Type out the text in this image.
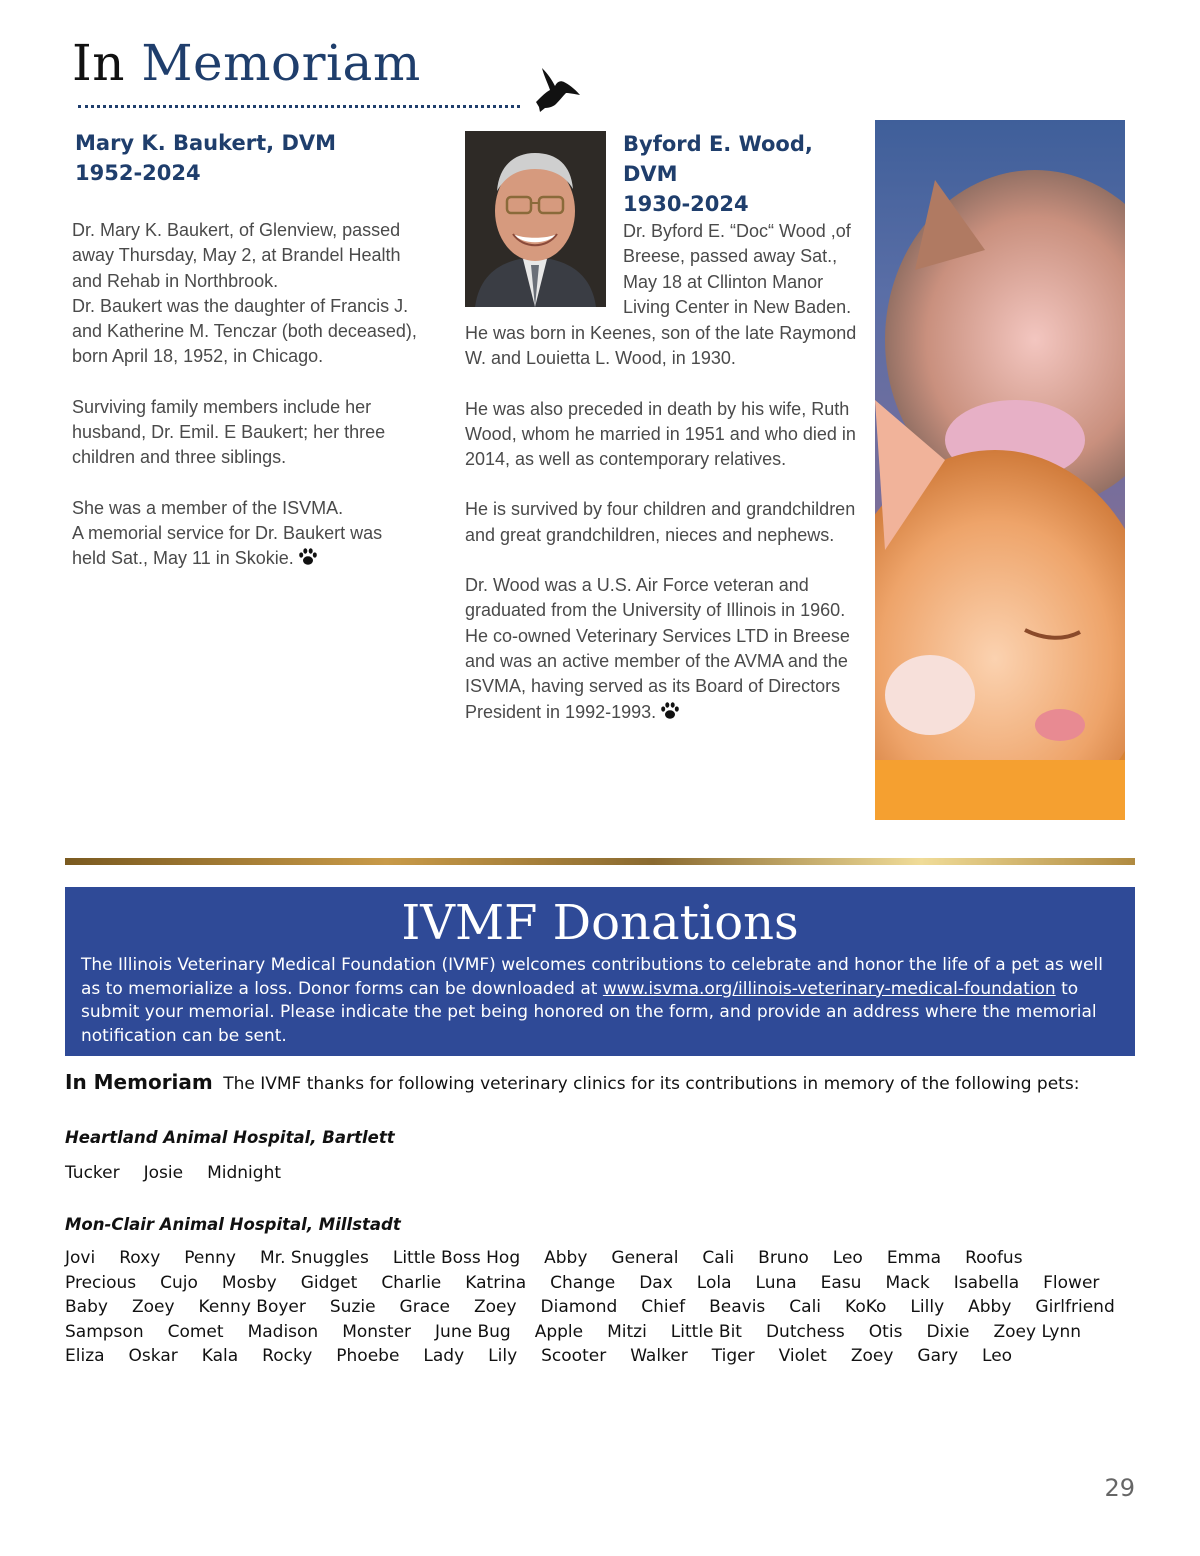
In Memoriam

Mary K. Baukert, DVM

1952-2024

Dr. Mary K. Baukert, of Glenview, passed away Thursday, May 2, at Brandel Health and Rehab in Northbrook.

Dr. Baukert was the daughter of Francis J. and Katherine M. Tenczar (both deceased), born April 18, 1952, in Chicago.

Surviving family members include her husband, Dr. Emil. E Baukert; her three children and three siblings.

She was a member of the ISVMA.

A memorial service for Dr. Baukert was held Sat., May 11 in Skokie.

Byford E. Wood, DVM

1930-2024

Dr. Byford E. “Doc“ Wood ,of Breese, passed away Sat., May 18 at Cllinton Manor Living Center in New Baden.

He was born in Keenes, son of the late Raymond W. and Louietta L. Wood, in 1930.

He was also preceded in death by his wife, Ruth Wood, whom he married in 1951 and who died in 2014, as well as contemporary relatives.

He is survived by four children and grandchildren and great grandchildren, nieces and nephews.

Dr. Wood was a U.S. Air Force veteran and graduated from the University of Illinois in 1960. He co-owned Veterinary Services LTD in Breese and was an active member of the AVMA and the ISVMA, having served as its Board of Directors President in 1992-1993.

IVMF Donations
The Illinois Veterinary Medical Foundation (IVMF) welcomes contributions to celebrate and honor the life of a pet as well as to memorialize a loss. Donor forms can be downloaded at www.isvma.org/illinois-veterinary-medical-foundation to submit your memorial. Please indicate the pet being honored on the form, and provide an address where the memorial notification can be sent.
In Memoriam The IVMF thanks for following veterinary clinics for its contributions in memory of the following pets:

Heartland Animal Hospital, Bartlett

Tucker Josie Midnight

Mon-Clair Animal Hospital, Millstadt

Jovi Roxy Penny Mr. Snuggles Little Boss Hog Abby General Cali Bruno Leo Emma RoofusPrecious Cujo Mosby Gidget Charlie Katrina Change Dax Lola Luna Easu Mack Isabella FlowerBaby Zoey Kenny Boyer Suzie Grace Zoey Diamond Chief Beavis Cali KoKo Lilly Abby GirlfriendSampson Comet Madison Monster June Bug Apple Mitzi Little Bit Dutchess Otis Dixie Zoey LynnEliza Oskar Kala Rocky Phoebe Lady Lily Scooter Walker Tiger Violet Zoey Gary Leo
29
